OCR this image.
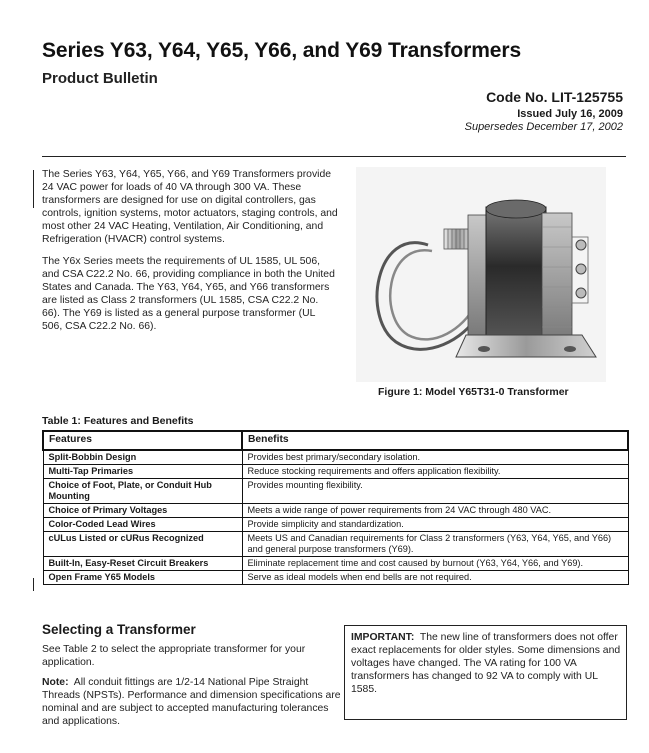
Series Y63, Y64, Y65, Y66, and Y69 Transformers
Product Bulletin
Code No. LIT-125755
Issued July 16, 2009
Supersedes December 17, 2002

The Series Y63, Y64, Y65, Y66, and Y69 Transformers provide 24 VAC power for loads of 40 VA through 300 VA. These transformers are designed for use on digital controllers, gas controls, ignition systems, motor actuators, staging controls, and most other 24 VAC Heating, Ventilation, Air Conditioning, and Refrigeration (HVACR) control systems.

The Y6x Series meets the requirements of UL 1585, UL 506, and CSA C22.2 No. 66, providing compliance in both the United States and Canada. The Y63, Y64, Y65, and Y66 transformers are listed as Class 2 transformers (UL 1585, CSA C22.2 No. 66). The Y69 is listed as a general purpose transformer (UL 506, CSA C22.2 No. 66).

Figure 1: Model Y65T31-0 Transformer
Table 1: Features and Benefits
Features	Benefits
Split-Bobbin Design	Provides best primary/secondary isolation.
Multi-Tap Primaries	Reduce stocking requirements and offers application flexibility.
Choice of Foot, Plate, or Conduit Hub Mounting	Provides mounting flexibility.
Choice of Primary Voltages	Meets a wide range of power requirements from 24 VAC through 480 VAC.
Color-Coded Lead Wires	Provide simplicity and standardization.
cULus Listed or cURus Recognized	Meets US and Canadian requirements for Class 2 transformers (Y63, Y64, Y65, and Y66) and general purpose transformers (Y69).
Built-In, Easy-Reset Circuit Breakers	Eliminate replacement time and cost caused by burnout (Y63, Y64, Y66, and Y69).
Open Frame Y65 Models	Serve as ideal models when end bells are not required.
Selecting a Transformer

See Table 2 to select the appropriate transformer for your application.

Note: All conduit fittings are 1/2-14 National Pipe Straight Threads (NPSTs). Performance and dimension specifications are nominal and are subject to accepted manufacturing tolerances and applications.

IMPORTANT: The new line of transformers does not offer exact replacements for older styles. Some dimensions and voltages have changed. The VA rating for 100 VA transformers has changed to 92 VA to comply with UL 1585.
